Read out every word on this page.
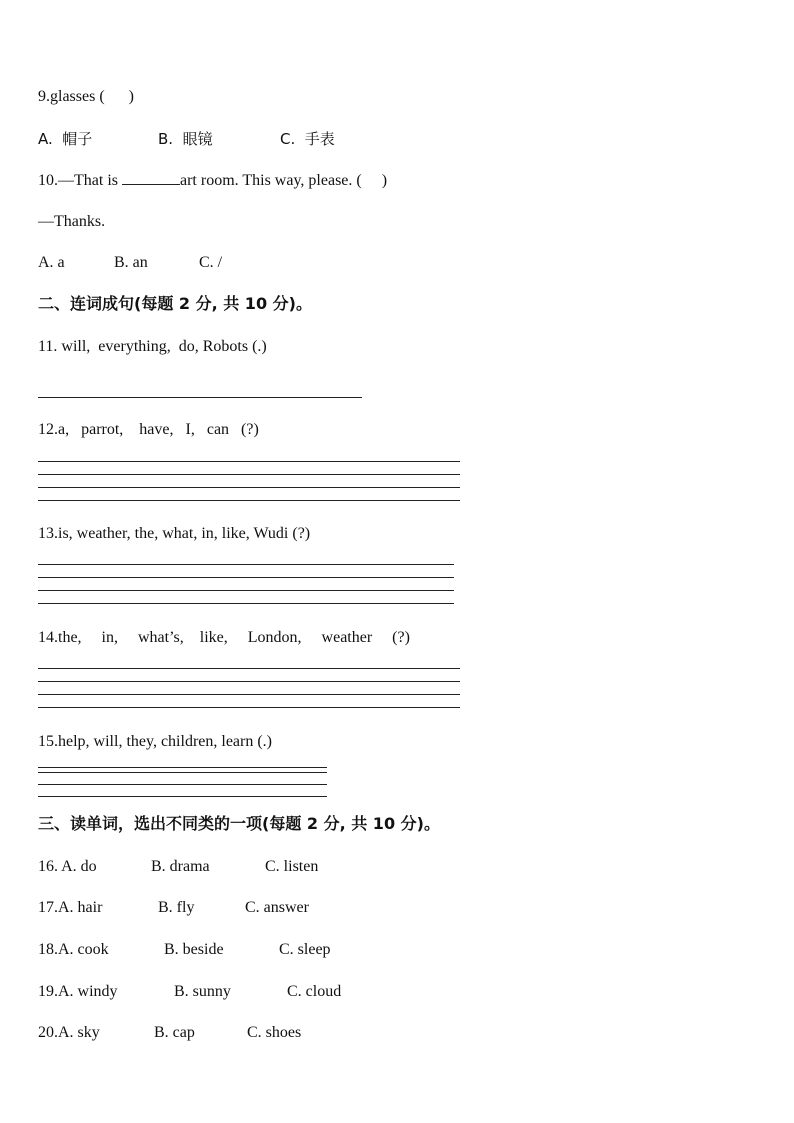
9.glasses (      )
A.  帽子	B.  眼镜	C.  手表
10.—That is	art room. This way, please. (     )
—Thanks.
A. a	B. an	C. /
二、连词成句(每题 2 分, 共 10 分)。
11. will,  everything,  do, Robots (.)
12.a,   parrot,    have,   I,   can   (?)
13.is, weather, the, what, in, like, Wudi (?)
14.the,     in,     what’s,    like,     London,     weather     (?)
15.help, will, they, children, learn (.)
三、读单词，选出不同类的一项(每题 2 分, 共 10 分)。
16. A. do	B. drama	C. listen
17.A. hair	B. fly	C. answer
18.A. cook	B. beside	C. sleep
19.A. windy	B. sunny	C. cloud
20.A. sky	B. cap	C. shoes
